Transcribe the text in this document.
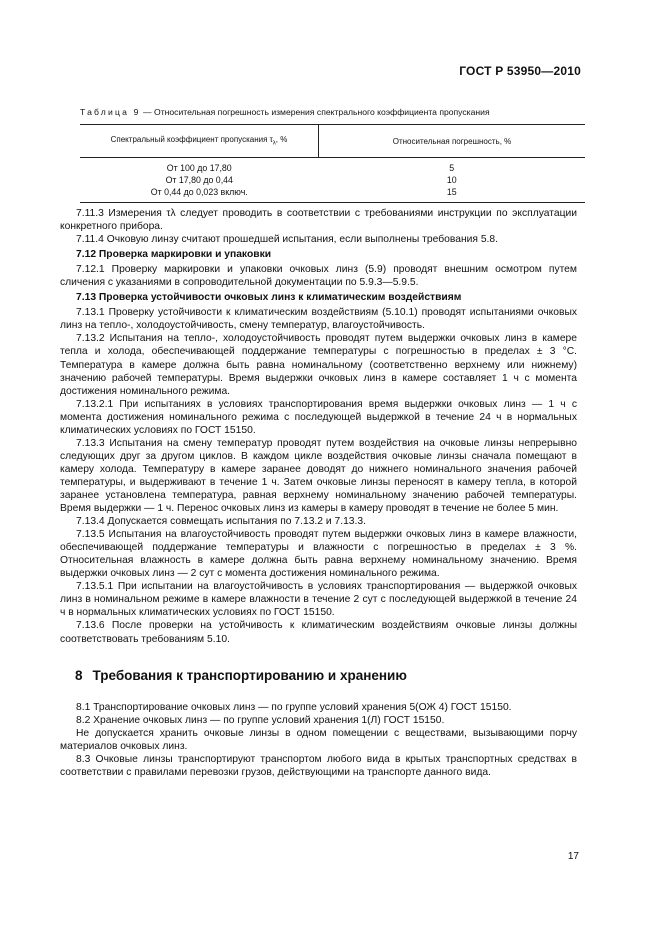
ГОСТ Р 53950—2010
Таблица 9 — Относительная погрешность измерения спектрального коэффициента пропускания
Спектральный коэффициент пропускания $\tau_\lambda$, %	Относительная погрешность, %
От 100 до 17,80	5
От 17,80 до 0,44	10
От 0,44 до 0,023 включ.	15

7.11.3 Измерения τλ следует проводить в соответствии с требованиями инструкции по эксплуатации конкретного прибора.

7.11.4 Очковую линзу считают прошедшей испытания, если выполнены требования 5.8.

7.12 Проверка маркировки и упаковки

7.12.1 Проверку маркировки и упаковки очковых линз (5.9) проводят внешним осмотром путем сличения с указаниями в сопроводительной документации по 5.9.3—5.9.5.

7.13 Проверка устойчивости очковых линз к климатическим воздействиям

7.13.1 Проверку устойчивости к климатическим воздействиям (5.10.1) проводят испытаниями очковых линз на тепло-, холодоустойчивость, смену температур, влагоустойчивость.

7.13.2 Испытания на тепло-, холодоустойчивость проводят путем выдержки очковых линз в камере тепла и холода, обеспечивающей поддержание температуры с погрешностью в пределах ± 3 °С. Температура в камере должна быть равна номинальному (соответственно верхнему или нижнему) значению рабочей температуры. Время выдержки очковых линз в камере составляет 1 ч с момента достижения номинального режима.

7.13.2.1 При испытаниях в условиях транспортирования время выдержки очковых линз — 1 ч с момента достижения номинального режима с последующей выдержкой в течение 24 ч в нормальных климатических условиях по ГОСТ 15150.

7.13.3 Испытания на смену температур проводят путем воздействия на очковые линзы непрерывно следующих друг за другом циклов. В каждом цикле воздействия очковые линзы сначала помещают в камеру холода. Температуру в камере заранее доводят до нижнего номинального значения рабочей температуры, и выдерживают в течение 1 ч. Затем очковые линзы переносят в камеру тепла, в которой заранее установлена температура, равная верхнему номинальному значению рабочей температуры. Время выдержки — 1 ч. Перенос очковых линз из камеры в камеру проводят в течение не более 5 мин.

7.13.4 Допускается совмещать испытания по 7.13.2 и 7.13.3.

7.13.5 Испытания на влагоустойчивость проводят путем выдержки очковых линз в камере влажности, обеспечивающей поддержание температуры и влажности с погрешностью в пределах ± 3 %. Относительная влажность в камере должна быть равна верхнему номинальному значению. Время выдержки очковых линз — 2 сут с момента достижения номинального режима.

7.13.5.1 При испытании на влагоустойчивость в условиях транспортирования — выдержкой очковых линз в номинальном режиме в камере влажности в течение 2 сут с последующей выдержкой в течение 24 ч в нормальных климатических условиях по ГОСТ 15150.

7.13.6 После проверки на устойчивость к климатическим воздействиям очковые линзы должны соответствовать требованиям 5.10.

8 Требования к транспортированию и хранению

8.1 Транспортирование очковых линз — по группе условий хранения 5(ОЖ 4) ГОСТ 15150.

8.2 Хранение очковых линз — по группе условий хранения 1(Л) ГОСТ 15150.

Не допускается хранить очковые линзы в одном помещении с веществами, вызывающими порчу материалов очковых линз.

8.3 Очковые линзы транспортируют транспортом любого вида в крытых транспортных средствах в соответствии с правилами перевозки грузов, действующими на транспорте данного вида.

17
